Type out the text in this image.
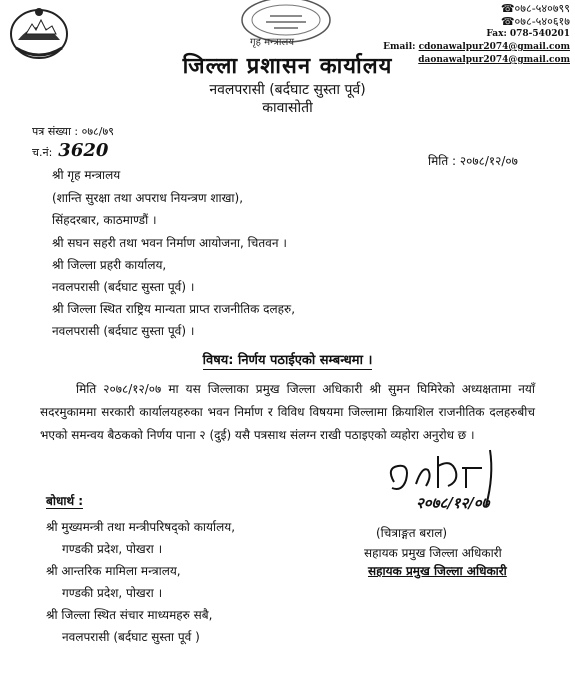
गृह मन्त्रालय
जिल्ला प्रशासन कार्यालय
नवलपरासी (बर्दघाट सुस्ता पूर्व)
कावासोती
☎०७८-५४०७९९
☎०७८-५४०६१७
Fax: 078-540201
Email: cdonawalpur2074@gmail.com
daonawalpur2074@gmail.com
पत्र संख्या : ०७८/७९
च.नं: 3620	मिति : २०७८/१२/०७
श्री गृह मन्त्रालय
(शान्ति सुरक्षा तथा अपराध नियन्त्रण शाखा),
सिंहदरबार, काठमाण्डौं ।
श्री सघन सहरी तथा भवन निर्माण आयोजना, चितवन ।
श्री जिल्ला प्रहरी कार्यालय,
नवलपरासी (बर्दघाट सुस्ता पूर्व) ।
श्री जिल्ला स्थित राष्ट्रिय मान्यता प्राप्त राजनीतिक दलहरु,
नवलपरासी (बर्दघाट सुस्ता पूर्व) ।
विषय: निर्णय पठाईएको सम्बन्धमा ।
मिति २०७८/१२/०७ मा यस जिल्लाका प्रमुख जिल्ला अधिकारी श्री सुमन घिमिरेको अध्यक्षतामा नयाँ सदरमुकाममा सरकारी कार्यालयहरुका भवन निर्माण र विविध विषयमा जिल्लामा क्रियाशिल राजनीतिक दलहरुबीच भएको समन्वय बैठकको निर्णय पाना २ (दुई) यसै पत्रसाथ संलग्न राखी पठाइएको व्यहोरा अनुरोध छ ।
२०७८/१२/०७
(चित्राङ्गत बराल)
सहायक प्रमुख जिल्ला अधिकारी
सहायक प्रमुख जिल्ला अधिकारी
बोधार्थ :
श्री मुख्यमन्त्री तथा मन्त्रीपरिषद्को कार्यालय,
गण्डकी प्रदेश, पोखरा ।
श्री आन्तरिक मामिला मन्त्रालय,
गण्डकी प्रदेश, पोखरा ।
श्री जिल्ला स्थित संचार माध्यमहरु सबै,
नवलपरासी (बर्दघाट सुस्ता पूर्व )
